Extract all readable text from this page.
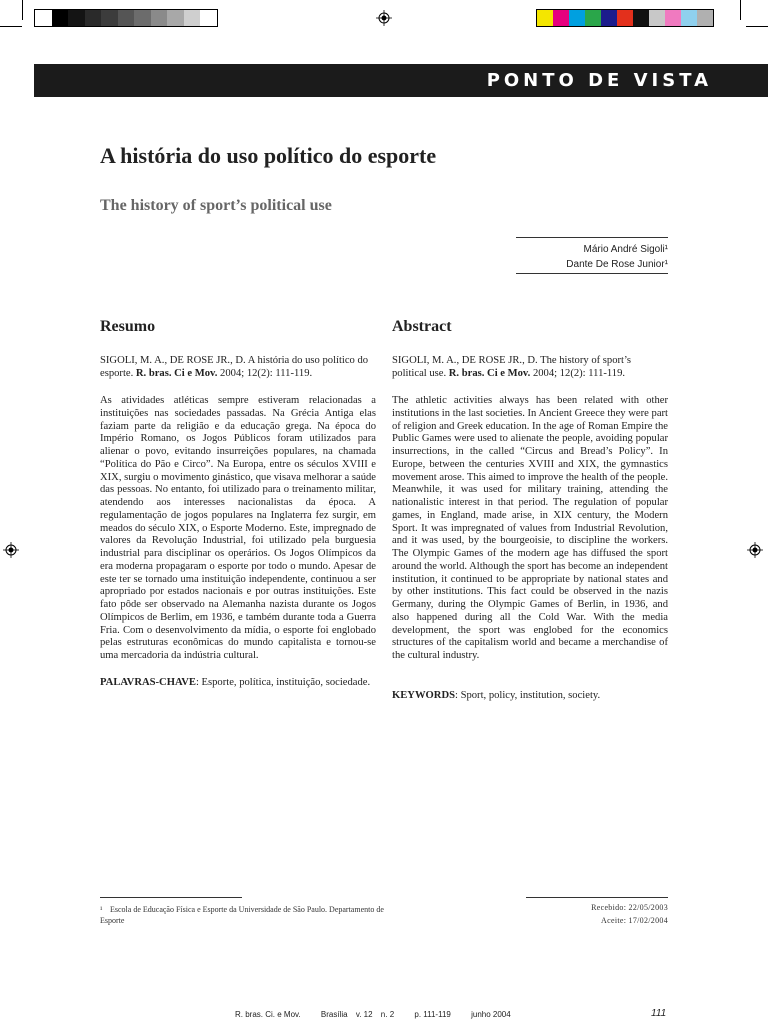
PONTO DE VISTA
A história do uso político do esporte
The history of sport’s political use
Mário André Sigoli¹
Dante De Rose Junior¹
Resumo

SIGOLI, M. A., DE ROSE JR., D. A história do uso político do esporte. R. bras. Ci e Mov. 2004; 12(2): 111-119.

As atividades atléticas sempre estiveram relacionadas a instituições nas sociedades passadas. Na Grécia Antiga elas faziam parte da religião e da educação grega. Na época do Império Romano, os Jogos Públicos foram utilizados para alienar o povo, evitando insurreições populares, na chamada “Política do Pão e Circo”. Na Europa, entre os séculos XVIII e XIX, surgiu o movimento ginástico, que visava melhorar a saúde das pessoas. No entanto, foi utilizado para o treinamento militar, atendendo aos interesses nacionalistas da época. A regulamentação de jogos populares na Inglaterra fez surgir, em meados do século XIX, o Esporte Moderno. Este, impregnado de valores da Revolução Industrial, foi utilizado pela burguesia industrial para disciplinar os operários. Os Jogos Olímpicos da era moderna propagaram o esporte por todo o mundo. Apesar de este ter se tornado uma instituição independente, continuou a ser apropriado por estados nacionais e por outras instituições. Este fato pôde ser observado na Alemanha nazista durante os Jogos Olímpicos de Berlim, em 1936, e também durante toda a Guerra Fria. Com o desenvolvimento da mídia, o esporte foi englobado pelas estruturas econômicas do mundo capitalista e tornou-se uma mercadoria da indústria cultural.

PALAVRAS-CHAVE: Esporte, política, instituição, sociedade.

Abstract

SIGOLI, M. A., DE ROSE JR., D. The history of sport’s political use. R. bras. Ci e Mov. 2004; 12(2): 111-119.

The athletic activities always has been related with other institutions in the last societies. In Ancient Greece they were part of religion and Greek education. In the age of Roman Empire the Public Games were used to alienate the people, avoiding popular insurrections, in the called “Circus and Bread’s Policy”. In Europe, between the centuries XVIII and XIX, the gymnastics movement arose. This aimed to improve the health of the people. Meanwhile, it was used for military training, attending the nationalistic interest in that period. The regulation of popular games, in England, made arise, in XIX century, the Modern Sport. It was impregnated of values from Industrial Revolution, and it was used, by the bourgeoisie, to discipline the workers. The Olympic Games of the modern age has diffused the sport around the world. Although the sport has become an independent institution, it continued to be appropriate by national states and by other institutions. This fact could be observed in the nazis Germany, during the Olympic Games of Berlin, in 1936, and also happened during all the Cold War. With the media development, the sport was englobed for the economics structures of the capitalism world and became a merchandise of the cultural industry.

KEYWORDS: Sport, policy, institution, society.

¹ Escola de Educação Física e Esporte da Universidade de São Paulo. Departamento de Esporte
Recebido: 22/05/2003
Aceite: 17/02/2004
R. bras. Ci. e Mov.	Brasília v. 12 n. 2	p. 111-119	junho 2004	111
